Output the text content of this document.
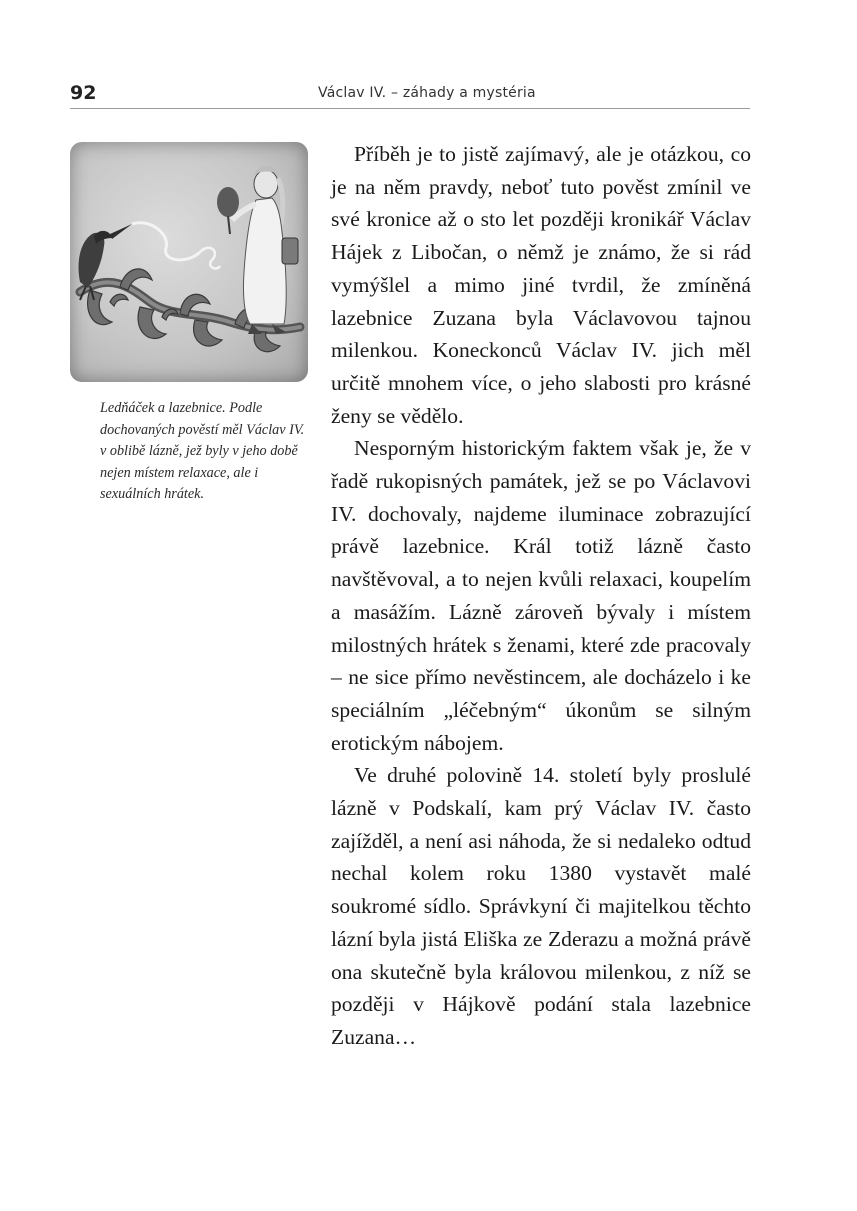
92	Václav IV. – záhady a mystéria

Ledňáček a lazebnice. Podle dochovaných pověstí měl Václav IV. v oblibě lázně, jež byly v jeho době nejen místem relaxace, ale i sexuálních hrátek.

Příběh je to jistě zajímavý, ale je otázkou, co je na něm pravdy, neboť tuto pověst zmínil ve své kronice až o sto let později kronikář Václav Hájek z Libočan, o němž je známo, že si rád vymýšlel a mimo jiné tvrdil, že zmíněná lazebnice Zuzana byla Václavovou tajnou milenkou. Koneckonců Václav IV. jich měl určitě mnohem více, o jeho slabosti pro krásné ženy se vědělo.

Nesporným historickým faktem však je, že v řadě rukopisných památek, jež se po Václavovi IV. dochovaly, najdeme iluminace zobrazující právě lazebnice. Král totiž lázně často navštěvoval, a to nejen kvůli relaxaci, koupelím a masážím. Lázně zároveň bývaly i místem milostných hrátek s ženami, které zde pracovaly – ne sice přímo nevěstincem, ale docházelo i ke speciálním „léčebným“ úkonům se silným erotickým nábojem.

Ve druhé polovině 14. století byly proslulé lázně v Podskalí, kam prý Václav IV. často zajížděl, a není asi náhoda, že si nedaleko odtud nechal kolem roku 1380 vystavět malé soukromé sídlo. Správkyní či majitelkou těchto lázní byla jistá Eliška ze Zderazu a možná právě ona skutečně byla královou milenkou, z níž se později v Hájkově podání stala lazebnice Zuzana…
